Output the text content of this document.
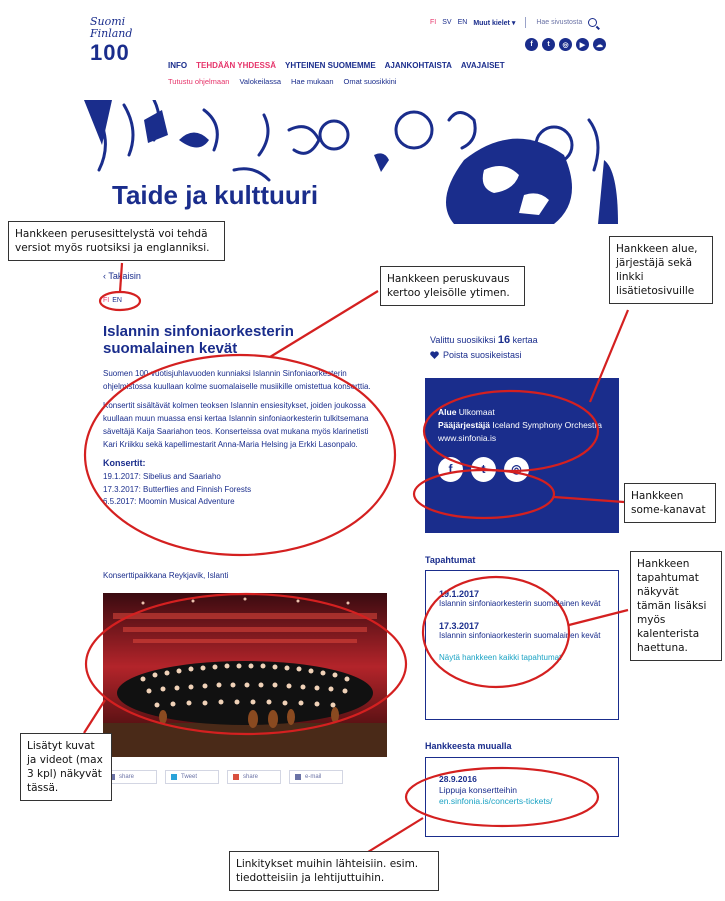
Suomi Finland
100
FI SV EN Muut kielet ▾	Hae sivustosta
f	t	◎	▶	☁
INFO TEHDÄÄN YHDESSÄ YHTEINEN SUOMEMME AJANKOHTAISTA AVAJAISET
Tutustu ohjelmaan Valokeilassa Hae mukaan Omat suosikkini
Taide ja kulttuuri
‹ Takaisin
FI EN
Islannin sinfoniaorkesterin suomalainen kevät

Suomen 100-vuotisjuhlavuoden kunniaksi Islannin Sinfoniaorkesterin ohjelmistossa kuullaan kolme suomalaiselle musiikille omistettua konserttia.

Konsertit sisältävät kolmen teoksen Islannin ensiesitykset, joiden joukossa kuullaan muun muassa ensi kertaa Islannin sinfoniaorkesterin tulkitsemana säveltäjä Kaija Saariahon teos. Konserteissa ovat mukana myös klarinetisti Kari Kriikku sekä kapellimestarit Anna-Maria Helsing ja Erkki Lasonpalo.

Konsertit:
19.1.2017: Sibelius and Saariaho
17.3.2017: Butterflies and Finnish Forests
6.5.2017: Moomin Musical Adventure
Konserttipaikkana Reykjavik, Islanti
share	Tweet	share	e-mail
Valittu suosikiksi 16 kertaa
Poista suosikeistasi
Alue Ulkomaat
Pääjärjestäjä Iceland Symphony Orchestra
www.sinfonia.is
f	t	◎
Tapahtumat
19.1.2017
Islannin sinfoniaorkesterin suomalainen kevät
17.3.2017
Islannin sinfoniaorkesterin suomalainen kevät
Näytä hankkeen kaikki tapahtumat
Hankkeesta muualla
28.9.2016
Lippuja konsertteihin
en.sinfonia.is/concerts-tickets/
Hankkeen perusesittelystä voi tehdä versiot myös ruotsiksi ja englanniksi.
Hankkeen peruskuvaus kertoo yleisölle ytimen.
Hankkeen alue, järjestäjä sekä linkki lisätietosivuille
Hankkeen some-kanavat
Hankkeen tapahtumat näkyvät tämän lisäksi myös kalenterista haettuna.
Lisätyt kuvat ja videot (max 3 kpl) näkyvät tässä.
Linkitykset muihin lähteisiin. esim. tiedotteisiin ja lehtijuttuihin.
